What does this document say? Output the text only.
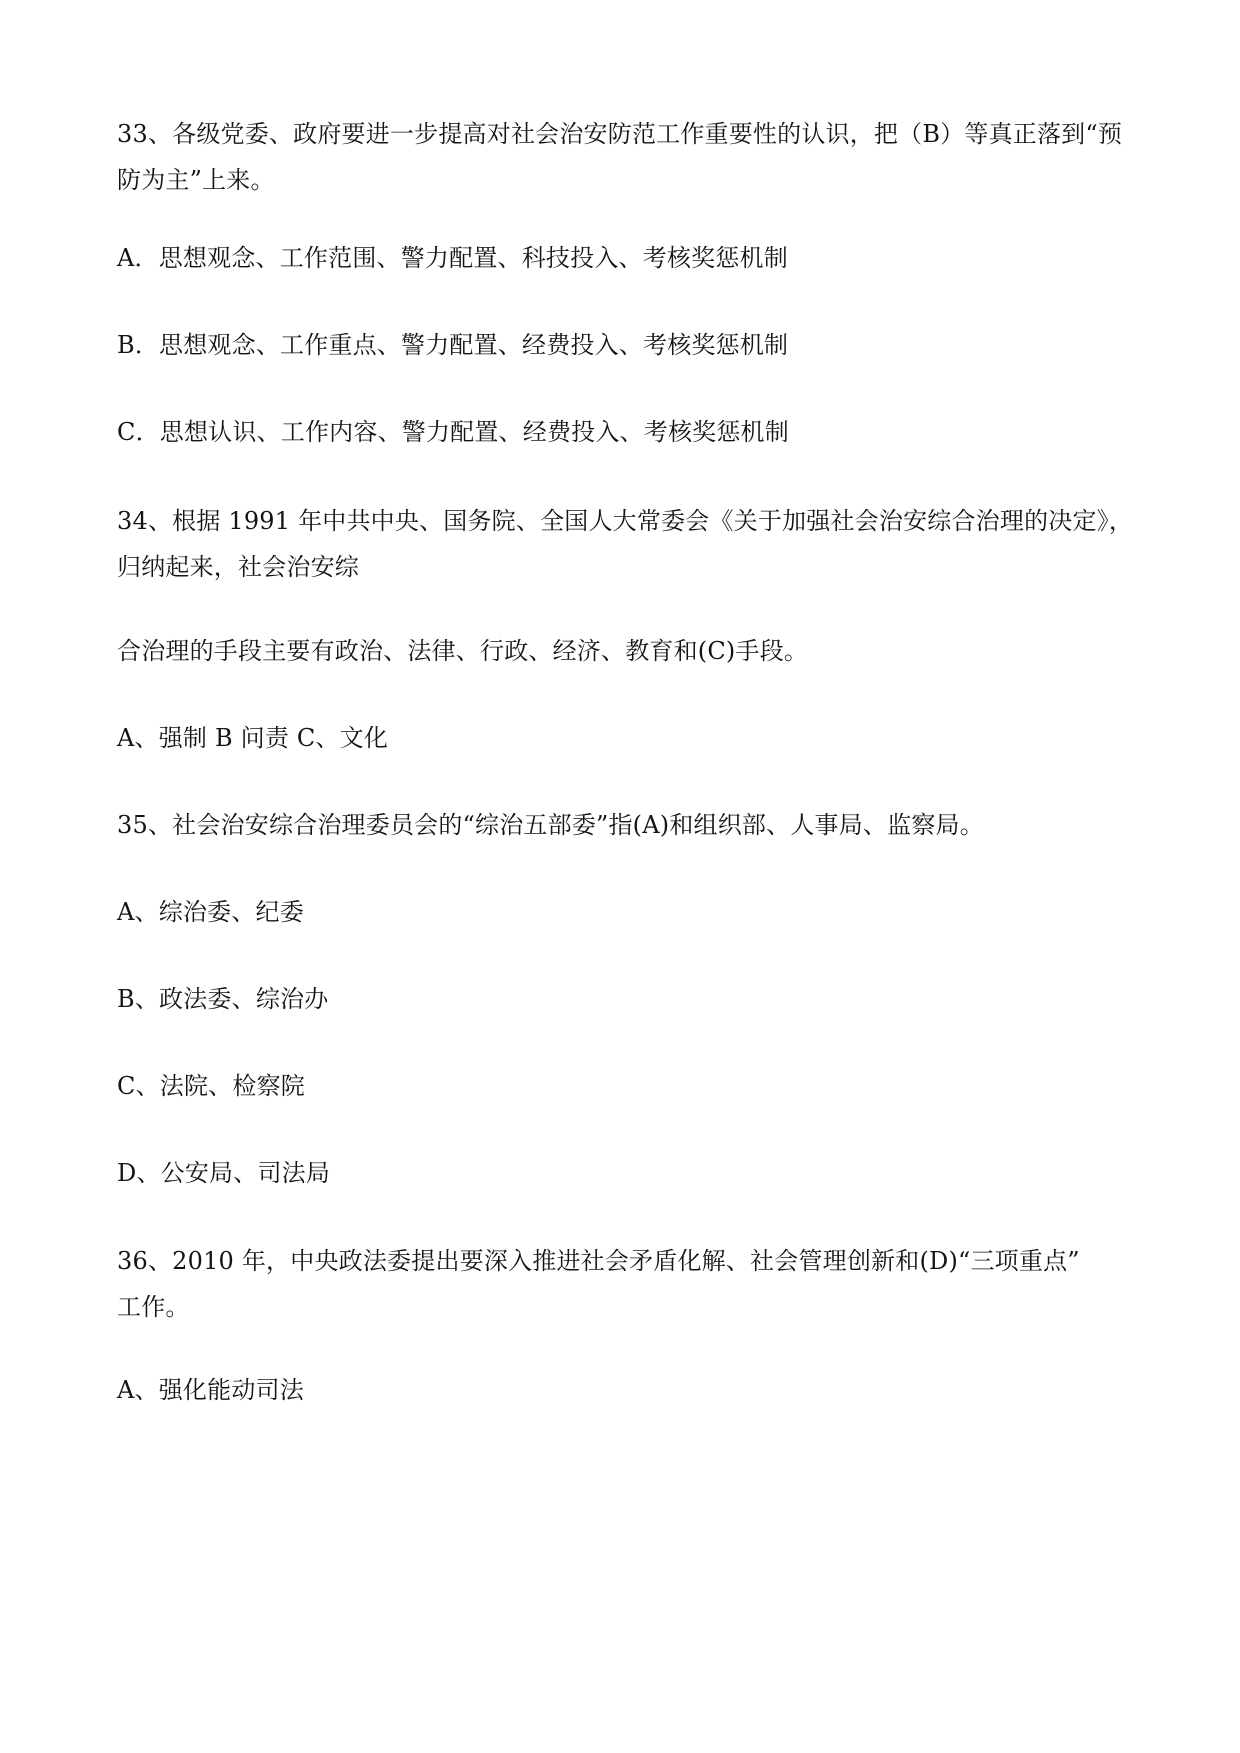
33、各级党委、政府要进一步提高对社会治安防范工作重要性的认识，把（B）等真正落到“预
防为主”上来。
A．思想观念、工作范围、警力配置、科技投入、考核奖惩机制
B．思想观念、工作重点、警力配置、经费投入、考核奖惩机制
C．思想认识、工作内容、警力配置、经费投入、考核奖惩机制
34、根据 1991 年中共中央、国务院、全国人大常委会《关于加强社会治安综合治理的决定》，
归纳起来，社会治安综
合治理的手段主要有政治、法律、行政、经济、教育和(C)手段。
A、强制 B 问责 C、文化
35、社会治安综合治理委员会的“综治五部委”指(A)和组织部、人事局、监察局。
A、综治委、纪委
B、政法委、综治办
C、法院、检察院
D、公安局、司法局
36、2010 年，中央政法委提出要深入推进社会矛盾化解、社会管理创新和(D)“三项重点”
工作。
A、强化能动司法
